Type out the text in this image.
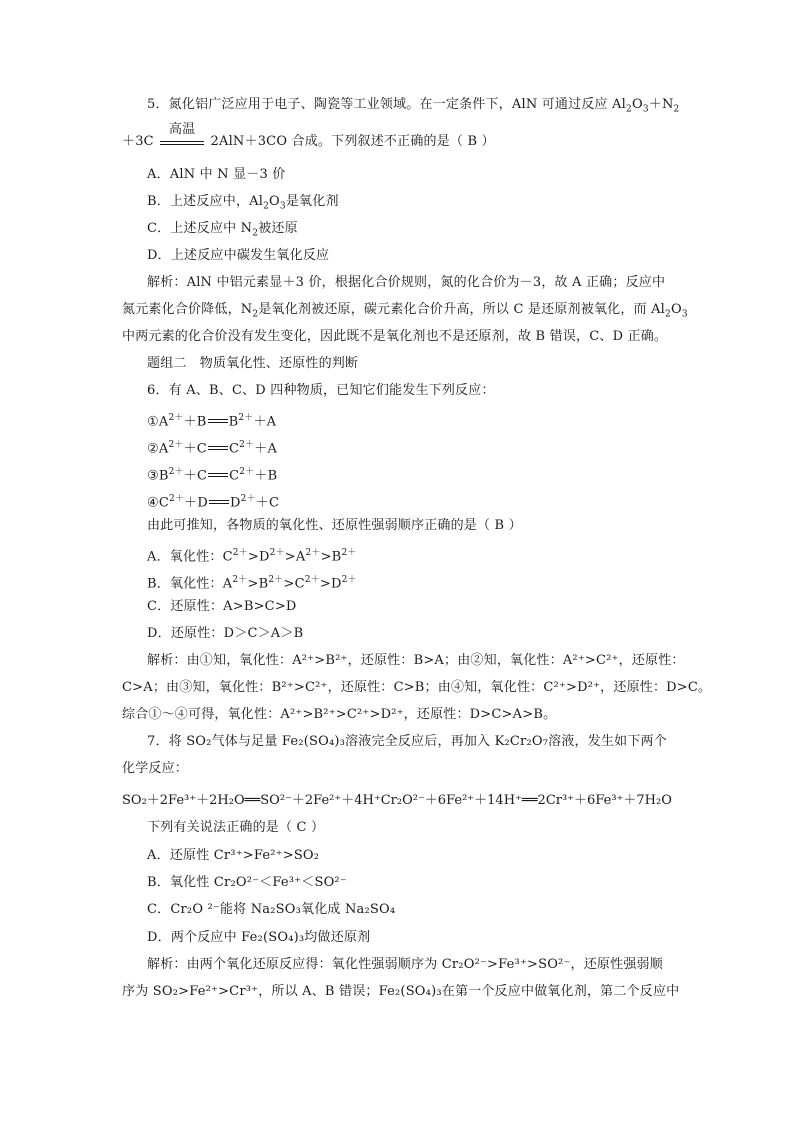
5．氮化铝广泛应用于电子、陶瓷等工业领域。在一定条件下，AlN 可通过反应 $Al_2O_3+N_2$
＋3C
高温
2AlN＋3CO 合成。下列叙述不正确的是（ B ）
A．AlN 中 N 显－3 价
B．上述反应中，$Al_2O_3$是氧化剂
C．上述反应中 $N_2$被还原
D．上述反应中碳发生氧化反应
解析：AlN 中铝元素显＋3 价，根据化合价规则，氮的化合价为－3，故 A 正确；反应中
氮元素化合价降低，$N_2$是氧化剂被还原，碳元素化合价升高，所以 C 是还原剂被氧化，而 $Al_2O_3$
中两元素的化合价没有发生变化，因此既不是氧化剂也不是还原剂，故 B 错误，C、D 正确。
题组二　物质氧化性、还原性的判断
6．有 A、B、C、D 四种物质，已知它们能发生下列反应：
$①A^{2+}+B$ $B^{2+}+A$
$②A^{2+}+C$ $C^{2+}+A$
$③B^{2+}+C$ $C^{2+}+B$
$④C^{2+}+D$ $D^{2+}+C$
由此可推知，各物质的氧化性、还原性强弱顺序正确的是（ B ）
A．氧化性：$C^{2+}>D^{2+}>A^{2+}>B^{2+}$
B．氧化性：$A^{2+}>B^{2+}>C^{2+}>D^{2+}$
C．还原性：A>B>C>D
D．还原性：D＞C＞A＞B
解析：由①知，氧化性：A²⁺>B²⁺，还原性：B>A；由②知，氧化性：A²⁺>C²⁺，还原性：
C>A；由③知，氧化性：B²⁺>C²⁺，还原性：C>B；由④知，氧化性：C²⁺>D²⁺，还原性：D>C。
综合①～④可得，氧化性：A²⁺>B²⁺>C²⁺>D²⁺，还原性：D>C>A>B。
7．将 SO₂气体与足量 Fe₂(SO₄)₃溶液完全反应后，再加入 K₂Cr₂O₇溶液，发生如下两个
化学反应：
SO₂＋2Fe³⁺＋2H₂O══SO²⁻＋2Fe²⁺＋4H⁺Cr₂O²⁻＋6Fe²⁺＋14H⁺══2Cr³⁺＋6Fe³⁺＋7H₂O
下列有关说法正确的是（ C ）
A．还原性 Cr³⁺>Fe²⁺>SO₂
B．氧化性 Cr₂O²⁻＜Fe³⁺＜SO²⁻
C．Cr₂O ²⁻能将 Na₂SO₃氧化成 Na₂SO₄
D．两个反应中 Fe₂(SO₄)₃均做还原剂
解析：由两个氧化还原反应得：氧化性强弱顺序为 Cr₂O²⁻>Fe³⁺>SO²⁻，还原性强弱顺
序为 SO₂>Fe²⁺>Cr³⁺，所以 A、B 错误；Fe₂(SO₄)₃在第一个反应中做氧化剂，第二个反应中
